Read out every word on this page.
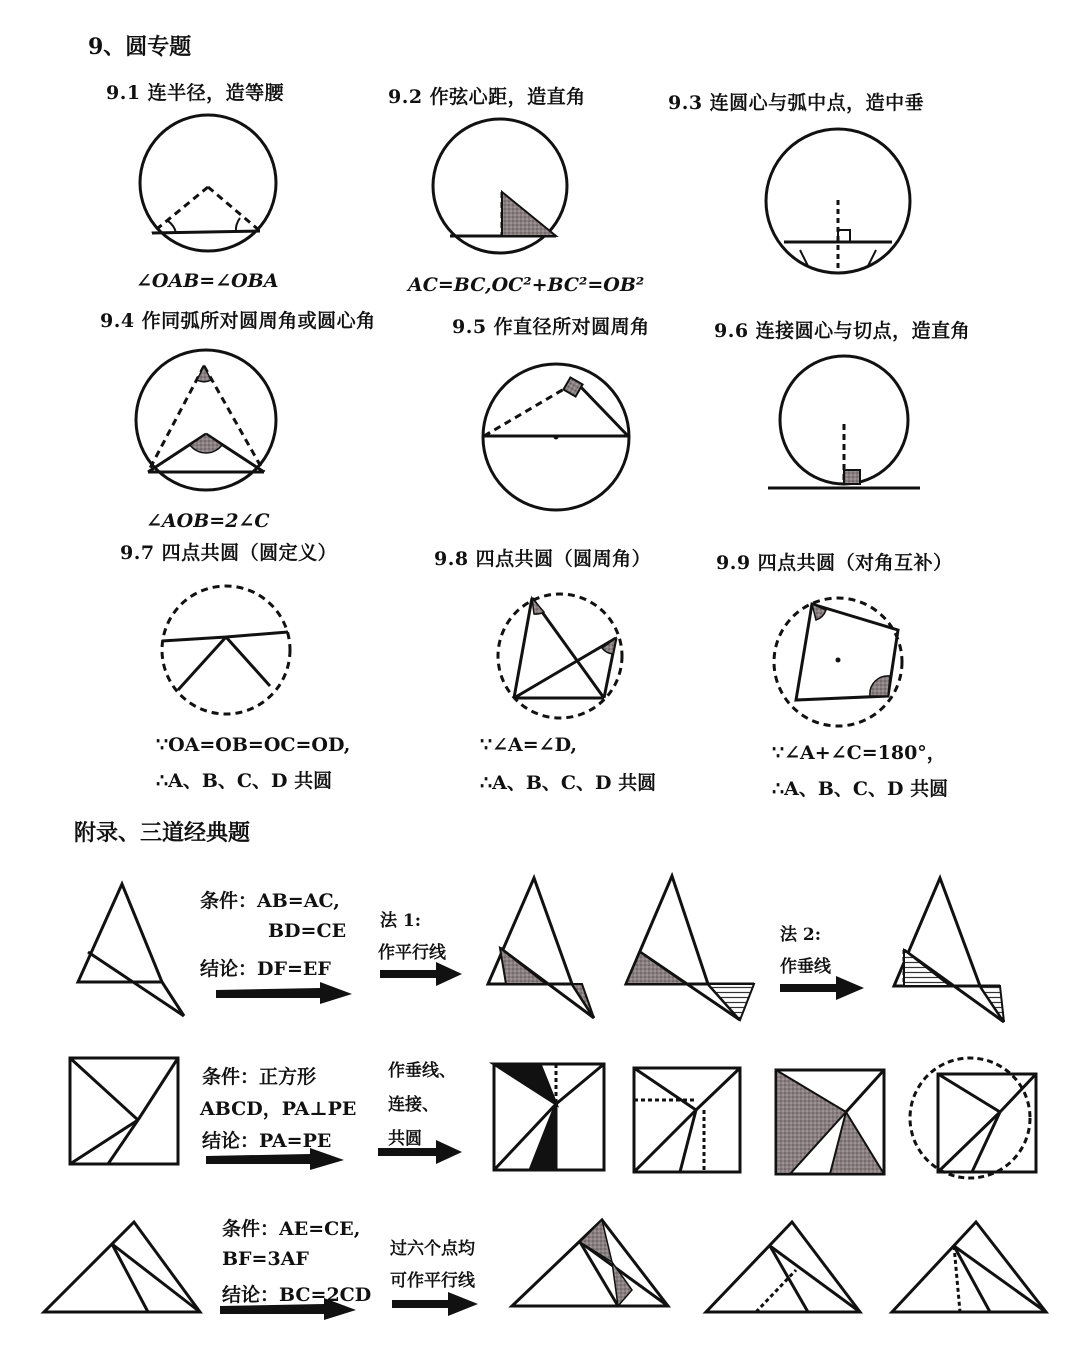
9、圆专题
9.1 连半径，造等腰	9.2 作弦心距，造直角	9.3 连圆心与弧中点，造中垂
∠OAB=∠OBA	AC=BC,OC²+BC²=OB²
9.4 作同弧所对圆周角或圆心角	9.5 作直径所对圆周角	9.6 连接圆心与切点，造直角
∠AOB=2∠C
9.7 四点共圆（圆定义）	9.8 四点共圆（圆周角）	9.9 四点共圆（对角互补）
∵OA=OB=OC=OD,
∴A、B、C、D 共圆
∵∠A=∠D,
∴A、B、C、D 共圆
∵∠A+∠C=180°，
∴A、B、C、D 共圆
附录、三道经典题
条件：AB=AC,
BD=CE
结论：DF=EF
法 1:
作平行线
法 2:
作垂线
条件：正方形
ABCD，PA⊥PE
结论：PA=PE
作垂线、
连接、
共圆
条件：AE=CE,
BF=3AF
结论：BC=2CD
过六个点均
可作平行线
